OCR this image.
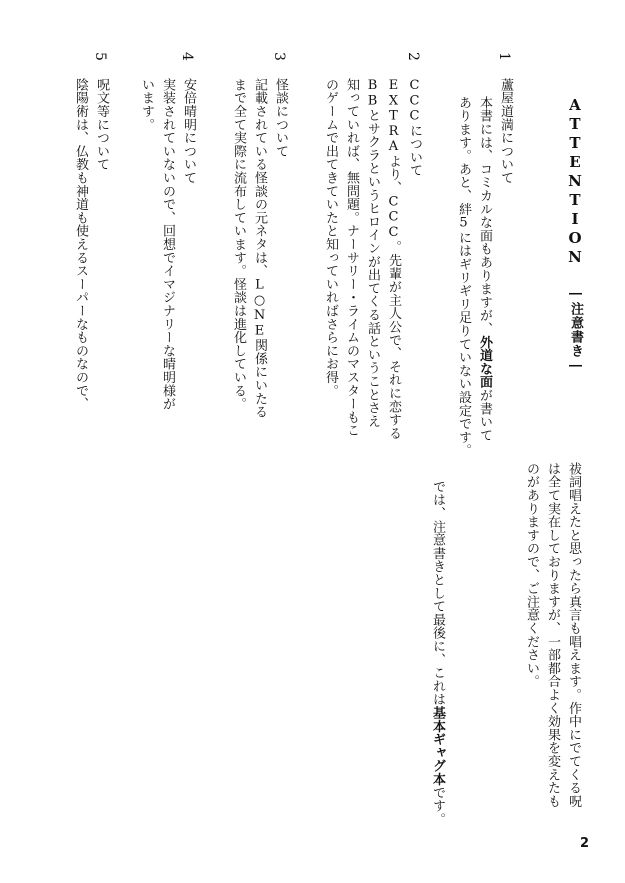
ATTENTION ―注意書き―
1
蘆屋道満について
本書には、コミカルな面もありますが、外道な面が書いて
あります。あと、絆5にはギリギリ足りていない設定です。
2
CCCについて
EXTRAより、CCC。先輩が主人公で、それに恋する
BBとサクラというヒロインが出てくる話ということさえ
知っていれば、無問題。ナーサリー・ライムのマスターもこ
のゲームで出てきていたと知っていればさらにお得。
3
怪談について
記載されている怪談の元ネタは、L○NE関係にいたる
まで全て実際に流布しています。怪談は進化している。
4
安倍晴明について
実装されていないので、回想でイマジナリーな晴明様が
います。
5
呪文等について
陰陽術は、仏教も神道も使えるスーパーなものなので、
祓詞唱えたと思ったら真言も唱えます。作中にでてくる呪
は全て実在しておりますが、一部都合よく効果を変えたも
のがありますので、ご注意ください。
では、注意書きとして最後に、これは基本ギャグ本です。
2
